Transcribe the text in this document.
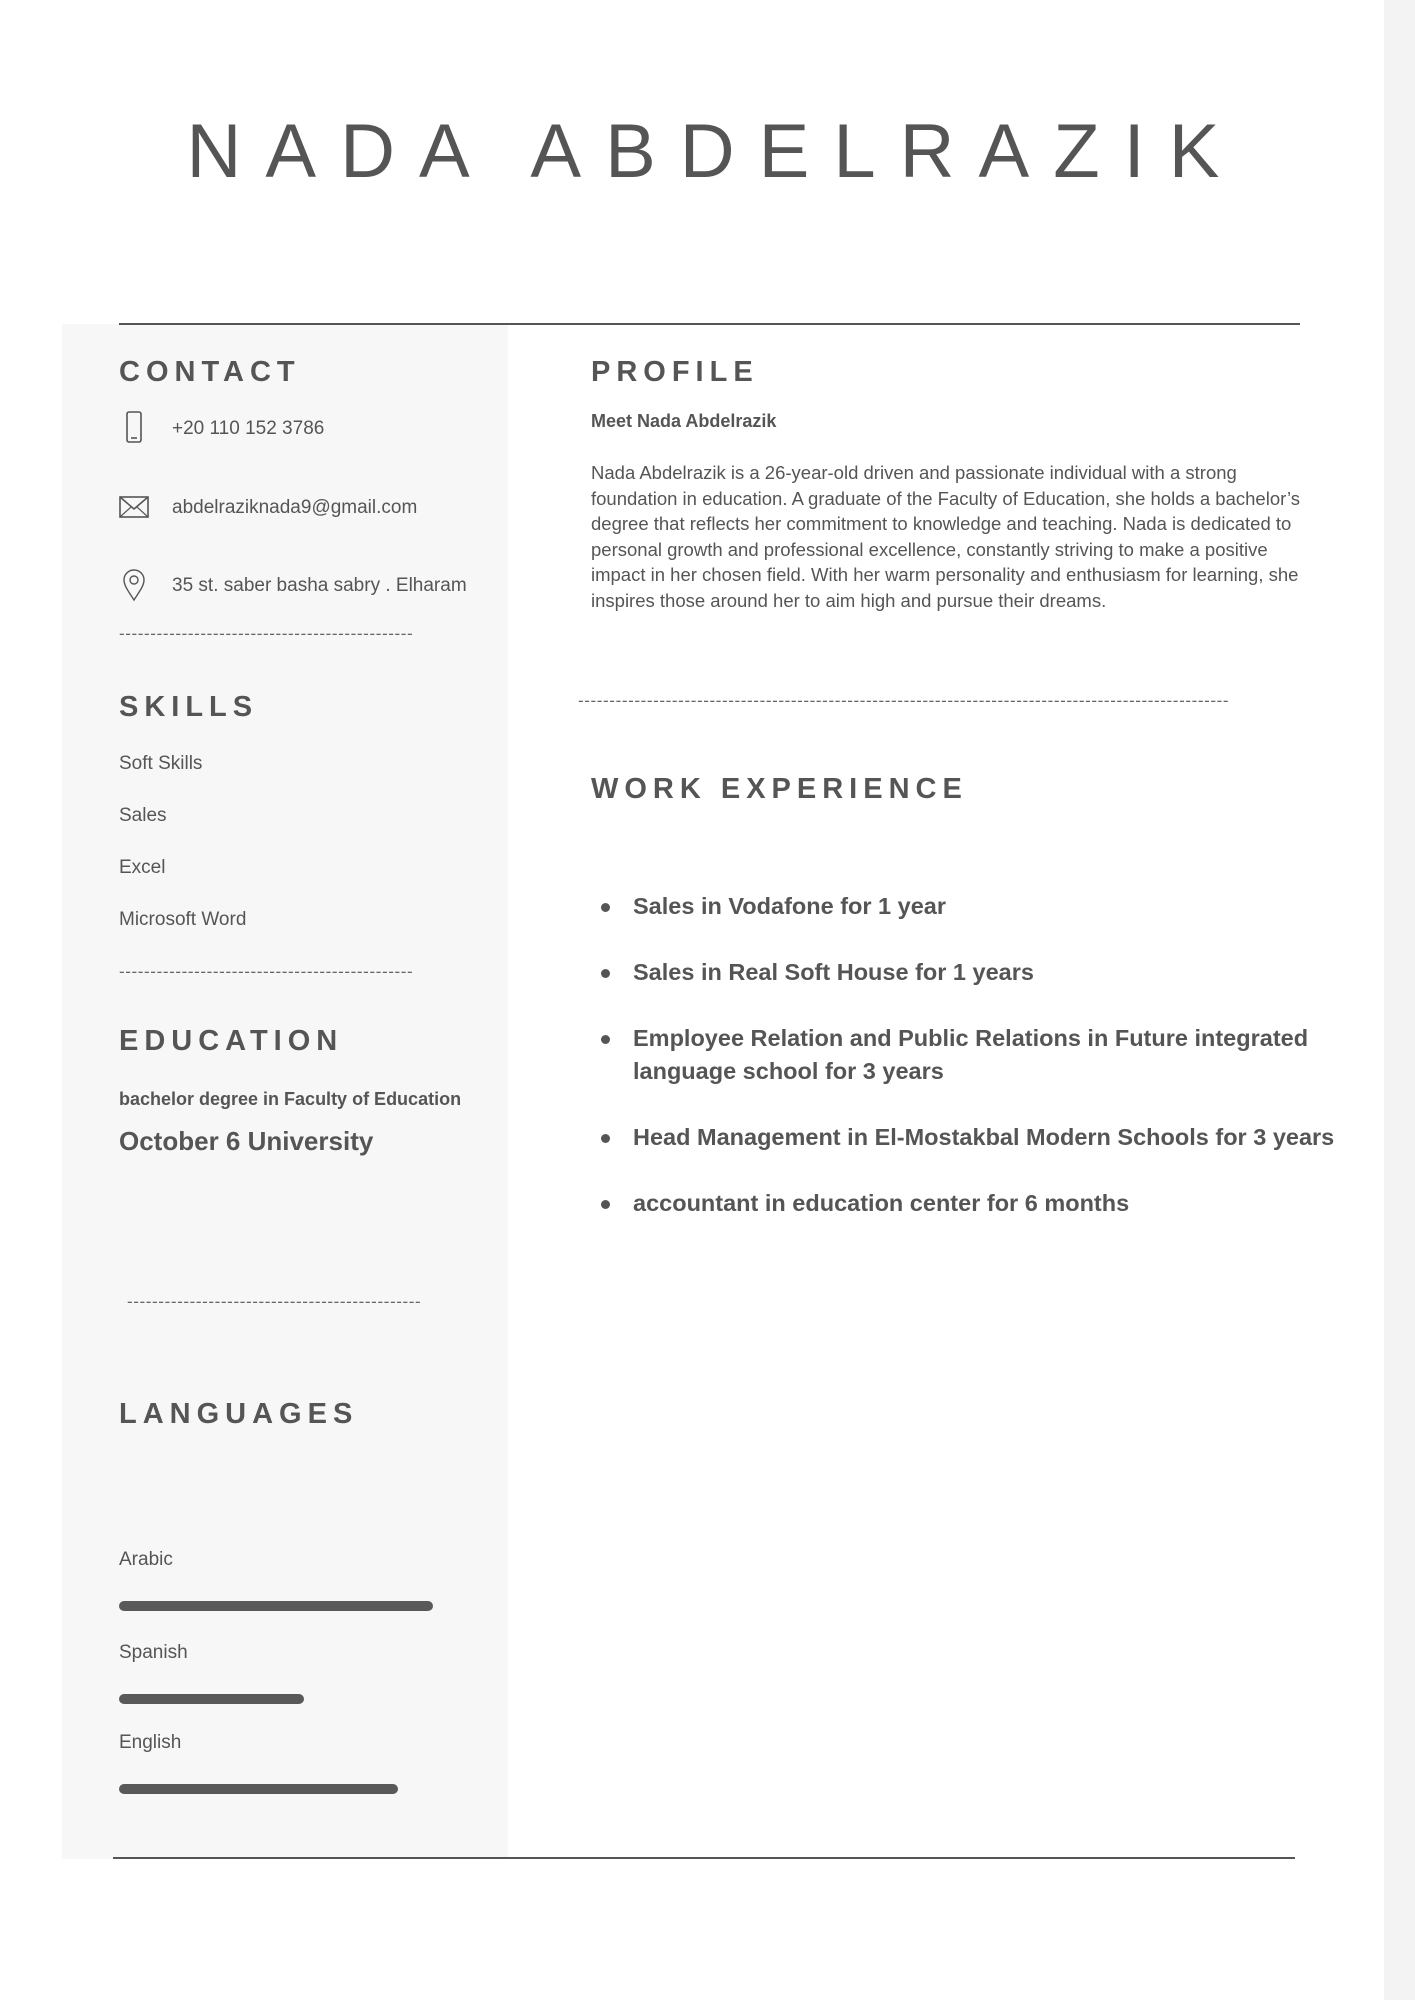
NADA ABDELRAZIK
CONTACT
+20 110 152 3786
abdelraziknada9@gmail.com
35 st. saber basha sabry . Elharam
-----------------------------------------------
SKILLS
Soft Skills
Sales
Excel
Microsoft Word
-----------------------------------------------
EDUCATION
bachelor degree in Faculty of Education
October 6 University
-----------------------------------------------
LANGUAGES
Arabic
Spanish
English
PROFILE
Meet Nada Abdelrazik
Nada Abdelrazik is a 26-year-old driven and passionate individual with a strong foundation in education. A graduate of the Faculty of Education, she holds a bachelor’s degree that reflects her commitment to knowledge and teaching. Nada is dedicated to personal growth and professional excellence, constantly striving to make a positive impact in her chosen field. With her warm personality and enthusiasm for learning, she inspires those around her to aim high and pursue their dreams.
--------------------------------------------------------------------------------------------------------
WORK EXPERIENCE
Sales in Vodafone for 1 year
Sales in Real Soft House for 1 years
Employee Relation and Public Relations in Future integrated language school for 3 years
Head Management in El-Mostakbal Modern Schools for 3 years
accountant in education center for 6 months
